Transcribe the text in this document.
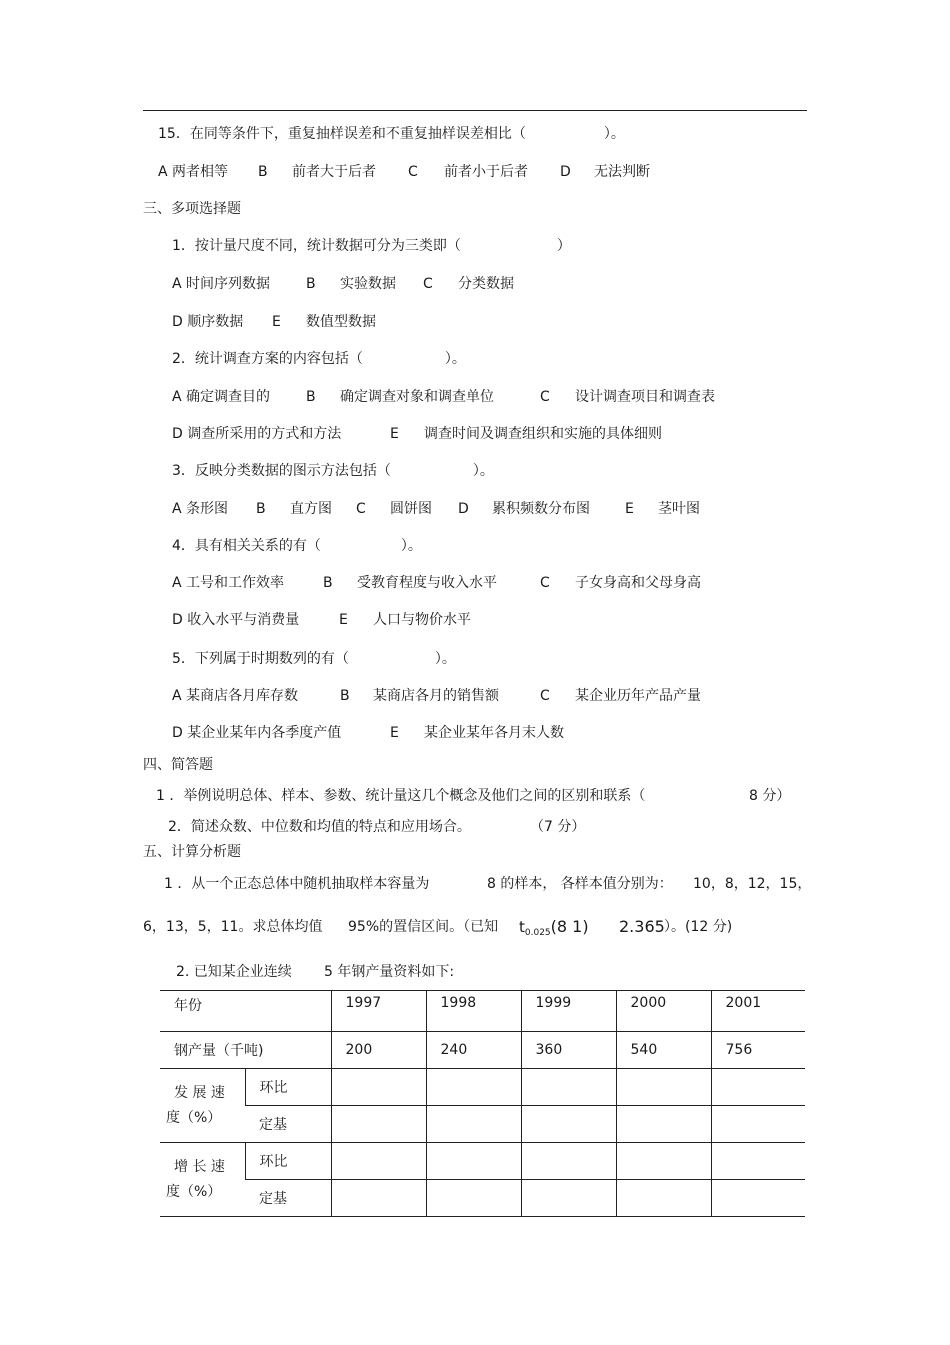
15．在同等条件下，重复抽样误差和不重复抽样误差相比（	）。
A 两者相等 B 前者大于后者 C 前者小于后者 D 无法判断
三、多项选择题
1．按计量尺度不同，统计数据可分为三类即（	）
A 时间序列数据	B 实验数据 C 分类数据
D 顺序数据 E 数值型数据
2．统计调查方案的内容包括（	）。
A 确定调查目的	B 确定调查对象和调查单位	C 设计调查项目和调查表
D 调查所采用的方式和方法	E 调查时间及调查组织和实施的具体细则
3．反映分类数据的图示方法包括（	）。
A 条形图 B 直方图 C 圆饼图 D 累积频数分布图	E 茎叶图
4．具有相关关系的有（	）。
A 工号和工作效率	B 受教育程度与收入水平	C 子女身高和父母身高
D 收入水平与消费量	E 人口与物价水平
5．下列属于时期数列的有（	）。
A 某商店各月库存数	B 某商店各月的销售额	C 某企业历年产品产量
D 某企业某年内各季度产值	E 某企业某年各月末人数
四、简答题
1 ．举例说明总体、样本、参数、统计量这几个概念及他们之间的区别和联系（	8 分）
2．简述众数、中位数和均值的特点和应用场合。	（7 分）
五、计算分析题
1 ．从一个正态总体中随机抽取样本容量为	8 的样本， 各样本值分别为： 10，8，12，15，
6，13，5，11。求总体均值 95%的置信区间。（已知 $t_{0.025}(8$ 1) 2.365 ）。(12 分)
2. 已知某企业连续 5 年钢产量资料如下:
年份		1997	1998	1999	2000	2001
钢产量（千吨)		200	240	360	540	756

发 展 速
度（%）	环比					
	定基					

增 长 速
度（%）	环比					
	定基					
